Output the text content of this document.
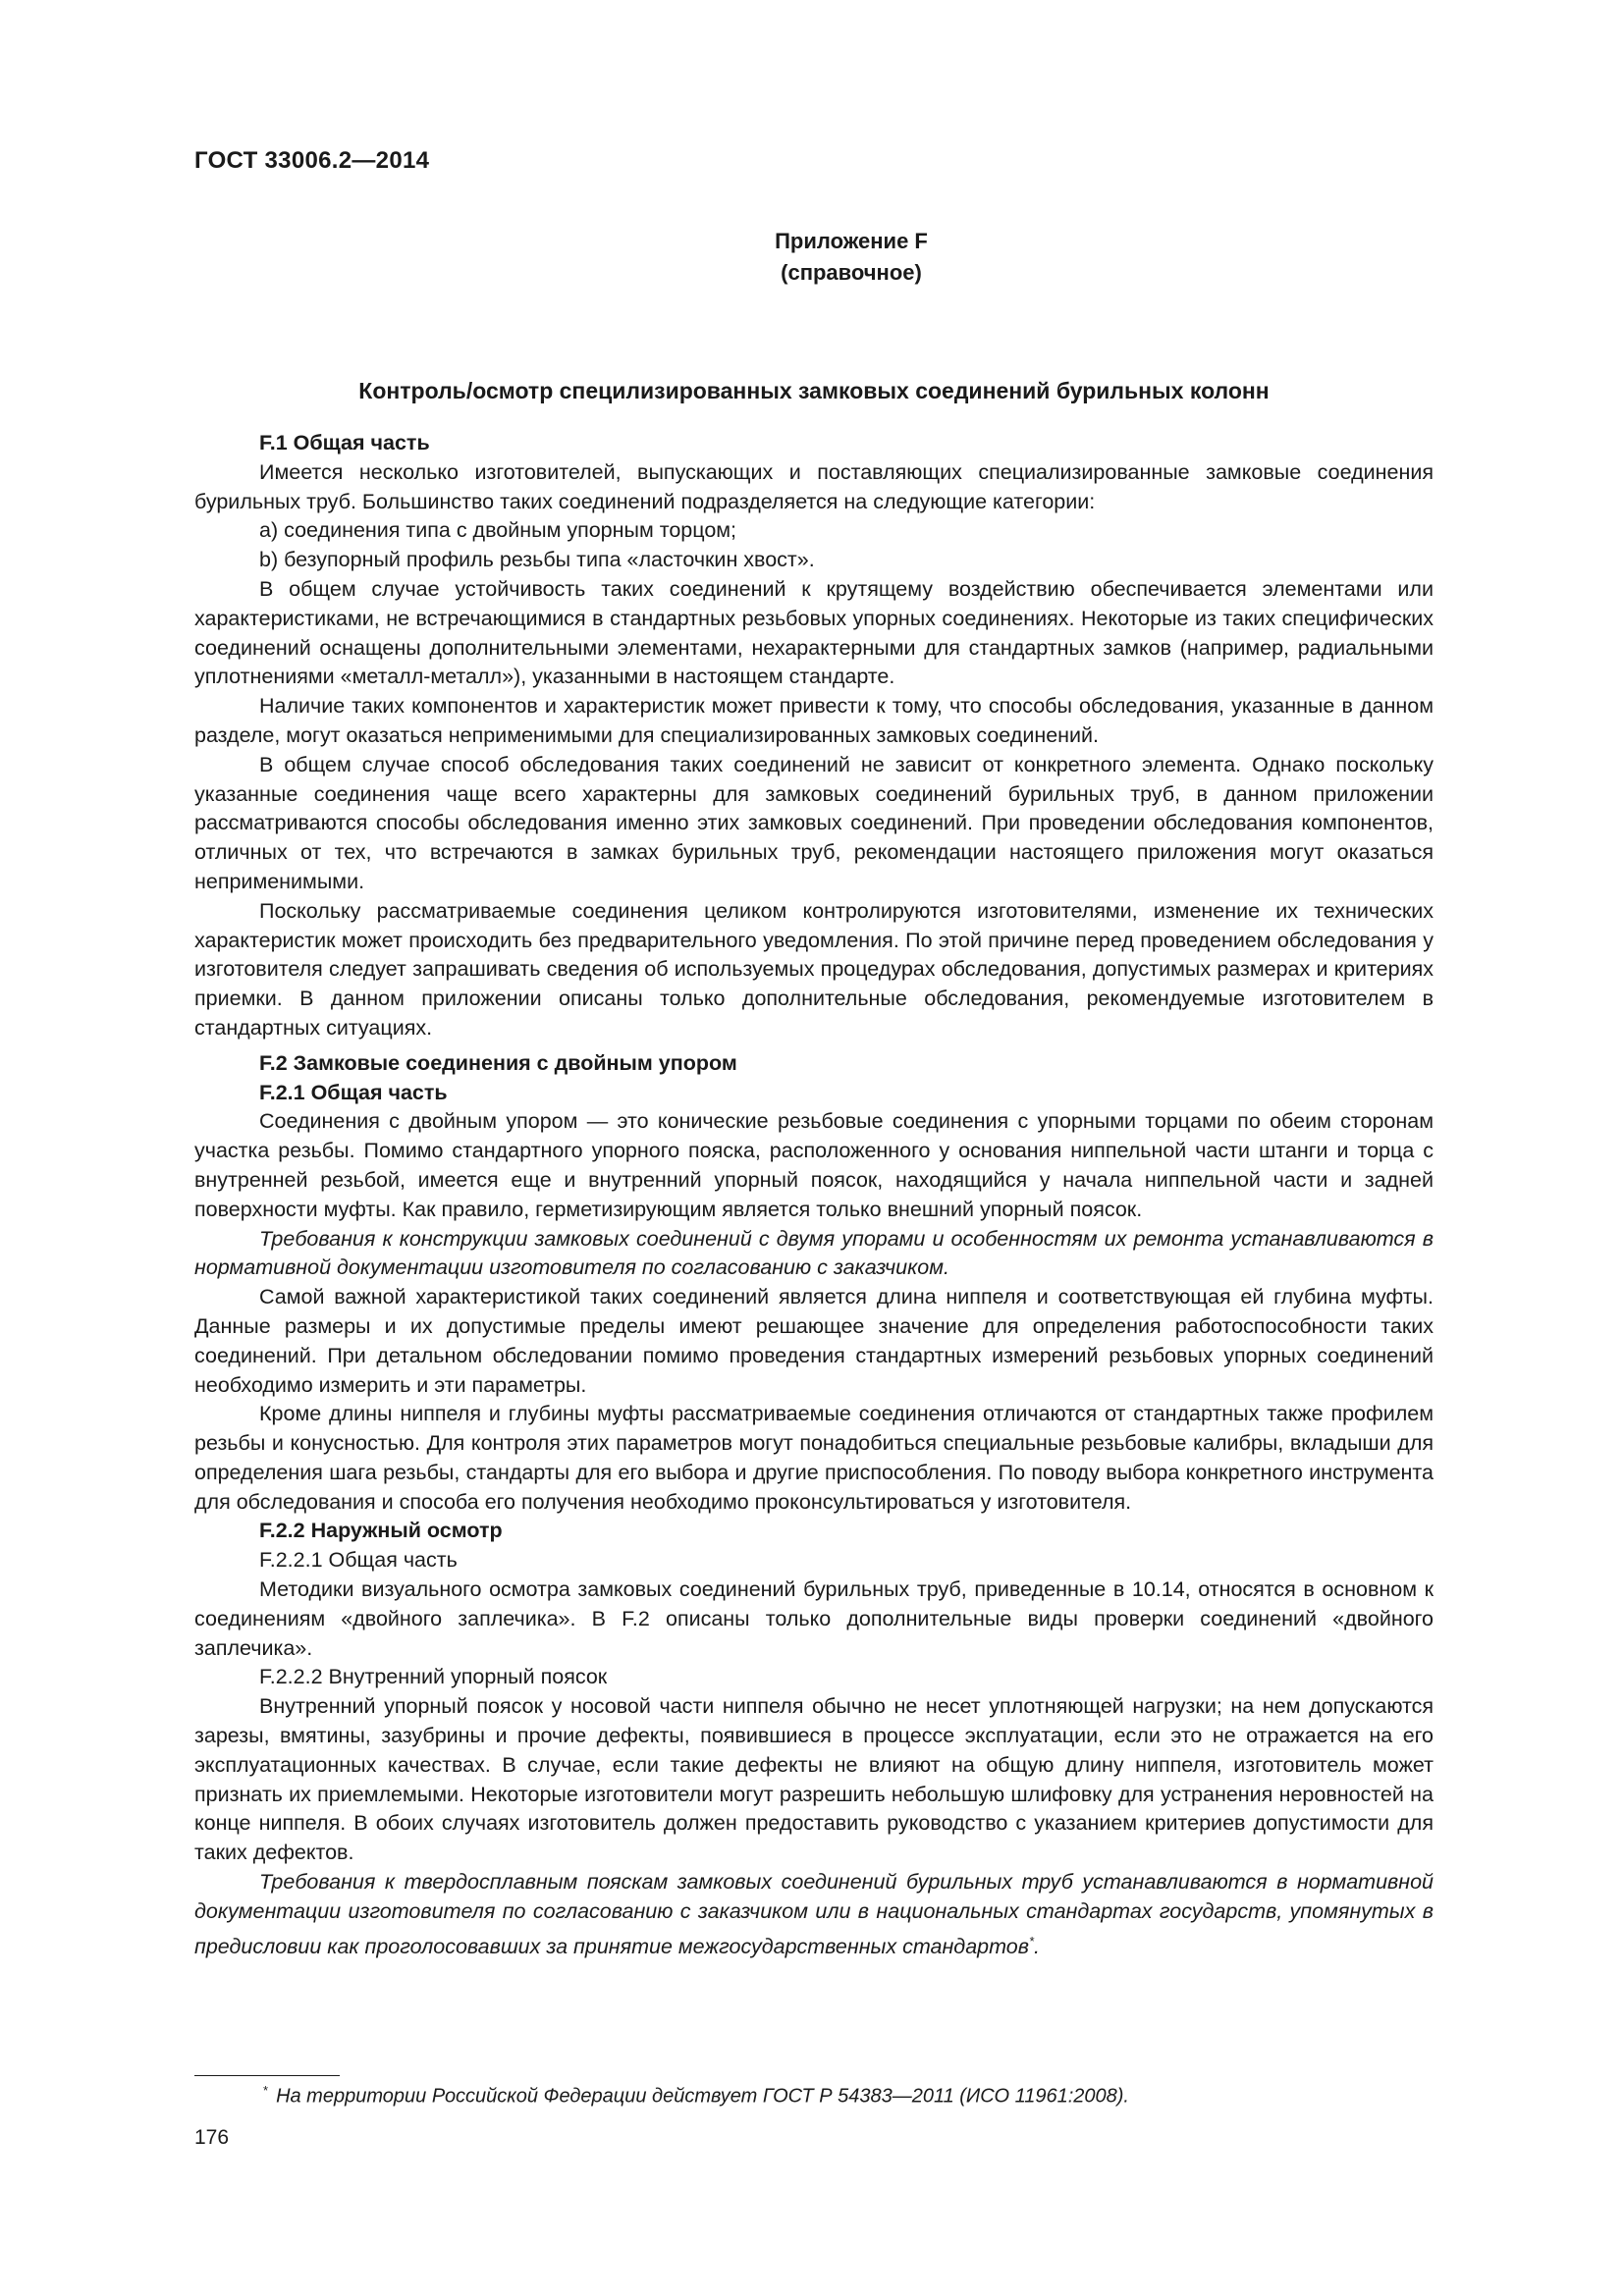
ГОСТ 33006.2—2014
Приложение F
(справочное)
Контроль/осмотр специлизированных замковых соединений бурильных колонн
F.1 Общая часть

Имеется несколько изготовителей, выпускающих и поставляющих специализированные замковые соединения бурильных труб. Большинство таких соединений подразделяется на следующие категории:

a) соединения типа с двойным упорным торцом;

b) безупорный профиль резьбы типа «ласточкин хвост».

В общем случае устойчивость таких соединений к крутящему воздействию обеспечивается элементами или характеристиками, не встречающимися в стандартных резьбовых упорных соединениях. Некоторые из таких специфических соединений оснащены дополнительными элементами, нехарактерными для стандартных замков (например, радиальными уплотнениями «металл-металл»), указанными в настоящем стандарте.

Наличие таких компонентов и характеристик может привести к тому, что способы обследования, указанные в данном разделе, могут оказаться неприменимыми для специализированных замковых соединений.

В общем случае способ обследования таких соединений не зависит от конкретного элемента. Однако поскольку указанные соединения чаще всего характерны для замковых соединений бурильных труб, в данном приложении рассматриваются способы обследования именно этих замковых соединений. При проведении обследования компонентов, отличных от тех, что встречаются в замках бурильных труб, рекомендации настоящего приложения могут оказаться неприменимыми.

Поскольку рассматриваемые соединения целиком контролируются изготовителями, изменение их технических характеристик может происходить без предварительного уведомления. По этой причине перед проведением обследования у изготовителя следует запрашивать сведения об используемых процедурах обследования, допустимых размерах и критериях приемки. В данном приложении описаны только дополнительные обследования, рекомендуемые изготовителем в стандартных ситуациях.

F.2 Замковые соединения с двойным упором
F.2.1 Общая часть

Соединения с двойным упором — это конические резьбовые соединения с упорными торцами по обеим сторонам участка резьбы. Помимо стандартного упорного пояска, расположенного у основания ниппельной части штанги и торца с внутренней резьбой, имеется еще и внутренний упорный поясок, находящийся у начала ниппельной части и задней поверхности муфты. Как правило, герметизирующим является только внешний упорный поясок.

Требования к конструкции замковых соединений с двумя упорами и особенностям их ремонта устанавливаются в нормативной документации изготовителя по согласованию с заказчиком.

Самой важной характеристикой таких соединений является длина ниппеля и соответствующая ей глубина муфты. Данные размеры и их допустимые пределы имеют решающее значение для определения работоспособности таких соединений. При детальном обследовании помимо проведения стандартных измерений резьбовых упорных соединений необходимо измерить и эти параметры.

Кроме длины ниппеля и глубины муфты рассматриваемые соединения отличаются от стандартных также профилем резьбы и конусностью. Для контроля этих параметров могут понадобиться специальные резьбовые калибры, вкладыши для определения шага резьбы, стандарты для его выбора и другие приспособления. По поводу выбора конкретного инструмента для обследования и способа его получения необходимо проконсультироваться у изготовителя.

F.2.2 Наружный осмотр
F.2.2.1 Общая часть

Методики визуального осмотра замковых соединений бурильных труб, приведенные в 10.14, относятся в основном к соединениям «двойного заплечика». В F.2 описаны только дополнительные виды проверки соединений «двойного заплечика».

F.2.2.2 Внутренний упорный поясок

Внутренний упорный поясок у носовой части ниппеля обычно не несет уплотняющей нагрузки; на нем допускаются зарезы, вмятины, зазубрины и прочие дефекты, появившиеся в процессе эксплуатации, если это не отражается на его эксплуатационных качествах. В случае, если такие дефекты не влияют на общую длину ниппеля, изготовитель может признать их приемлемыми. Некоторые изготовители могут разрешить небольшую шлифовку для устранения неровностей на конце ниппеля. В обоих случаях изготовитель должен предоставить руководство с указанием критериев допустимости для таких дефектов.

Требования к твердосплавным пояскам замковых соединений бурильных труб устанавливаются в нормативной документации изготовителя по согласованию с заказчиком или в национальных стандартах государств, упомянутых в предисловии как проголосовавших за принятие межгосударственных стандартов*.

* На территории Российской Федерации действует ГОСТ Р 54383—2011 (ИСО 11961:2008).
176
